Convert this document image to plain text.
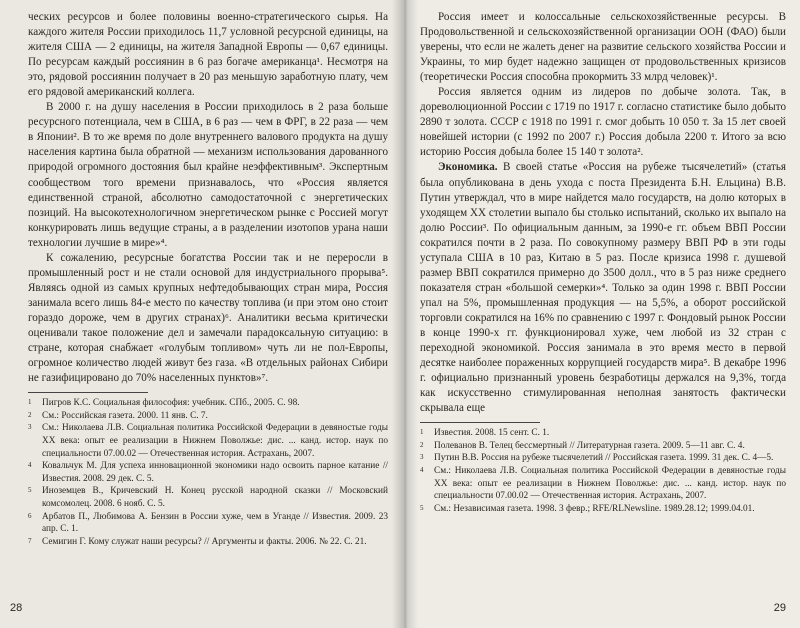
ческих ресурсов и более половины военно-стратегического сырья. На каждого жителя России приходилось 11,7 условной ресурсной единицы, на жителя США — 2 единицы, на жителя Западной Европы — 0,67 единицы. По ресурсам каждый россиянин в 6 раз богаче американца¹. Несмотря на это, рядовой россиянин получает в 20 раз меньшую заработную плату, чем его рядовой американский коллега.

В 2000 г. на душу населения в России приходилось в 2 раза больше ресурсного потенциала, чем в США, в 6 раз — чем в ФРГ, в 22 раза — чем в Японии². В то же время по доле внутреннего валового продукта на душу населения картина была обратной — механизм использования дарованного природой огромного достояния был крайне неэффективным³. Экспертным сообществом того времени признавалось, что «Россия является единственной страной, абсолютно самодостаточной с энергетических позиций. На высокотехнологичном энергетическом рынке с Россией могут конкурировать лишь ведущие страны, а в разделении изотопов урана наши технологии лучшие в мире»⁴.

К сожалению, ресурсные богатства России так и не переросли в промышленный рост и не стали основой для индустриального прорыва⁵. Являясь одной из самых крупных нефтедобывающих стран мира, Россия занимала всего лишь 84-е место по качеству топлива (и при этом оно стоит гораздо дороже, чем в других странах)⁶. Аналитики весьма критически оценивали такое положение дел и замечали парадоксальную ситуацию: в стране, которая снабжает «голубым топливом» чуть ли не пол-Европы, огромное количество людей живут без газа. «В отдельных районах Сибири не газифицировано до 70% населенных пунктов»⁷.

1	Пигров К.С. Социальная философия: учебник. СПб., 2005. С. 98.
2	См.: Российская газета. 2000. 11 янв. С. 7.
3	См.: Николаева Л.В. Социальная политика Российской Федерации в девяностые годы XX века: опыт ее реализации в Нижнем Поволжье: дис. ... канд. истор. наук по специальности 07.00.02 — Отечественная история. Астрахань, 2007.
4	Ковальчук М. Для успеха инновационной экономики надо освоить парное катание // Известия. 2008. 29 дек. С. 5.
5	Иноземцев В., Кричевский Н. Конец русской народной сказки // Московский комсомолец. 2008. 6 нояб. С. 5.
6	Арбатов П., Любимова А. Бензин в России хуже, чем в Уганде // Известия. 2009. 23 апр. С. 1.
7	Семигин Г. Кому служат наши ресурсы? // Аргументы и факты. 2006. № 22. С. 21.
28

Россия имеет и колоссальные сельскохозяйственные ресурсы. В Продовольственной и сельскохозяйственной организации ООН (ФАО) были уверены, что если не жалеть денег на развитие сельского хозяйства России и Украины, то мир будет надежно защищен от продовольственных кризисов (теоретически Россия способна прокормить 33 млрд человек)¹.

Россия является одним из лидеров по добыче золота. Так, в дореволюционной России с 1719 по 1917 г. согласно статистике было добыто 2890 т золота. СССР с 1918 по 1991 г. смог добыть 10 050 т. За 15 лет своей новейшей истории (с 1992 по 2007 г.) Россия добыла 2200 т. Итого за всю историю Россия добыла более 15 140 т золота².

Экономика. В своей статье «Россия на рубеже тысячелетий» (статья была опубликована в день ухода с поста Президента Б.Н. Ельцина) В.В. Путин утверждал, что в мире найдется мало государств, на долю которых в уходящем XX столетии выпало бы столько испытаний, сколько их выпало на долю России³. По официальным данным, за 1990-е гг. объем ВВП России сократился почти в 2 раза. По совокупному размеру ВВП РФ в эти годы уступала США в 10 раз, Китаю в 5 раз. После кризиса 1998 г. душевой размер ВВП сократился примерно до 3500 долл., что в 5 раз ниже среднего показателя стран «большой семерки»⁴. Только за один 1998 г. ВВП России упал на 5%, промышленная продукция — на 5,5%, а оборот российской торговли сократился на 16% по сравнению с 1997 г. Фондовый рынок России в конце 1990-х гг. функционировал хуже, чем любой из 32 стран с переходной экономикой. Россия занимала в это время место в первой десятке наиболее пораженных коррупцией государств мира⁵. В декабре 1996 г. официально признанный уровень безработицы держался на 9,3%, тогда как искусственно стимулированная неполная занятость фактически скрывала еще

1	Известия. 2008. 15 сент. С. 1.
2	Полеванов В. Телец бессмертный // Литературная газета. 2009. 5—11 авг. С. 4.
3	Путин В.В. Россия на рубеже тысячелетий // Российская газета. 1999. 31 дек. С. 4—5.
4	См.: Николаева Л.В. Социальная политика Российской Федерации в девяностые годы XX века: опыт ее реализации в Нижнем Поволжье: дис. ... канд. истор. наук по специальности 07.00.02 — Отечественная история. Астрахань, 2007.
5	См.: Независимая газета. 1998. 3 февр.; RFE/RLNewsline. 1989.28.12; 1999.04.01.
29
